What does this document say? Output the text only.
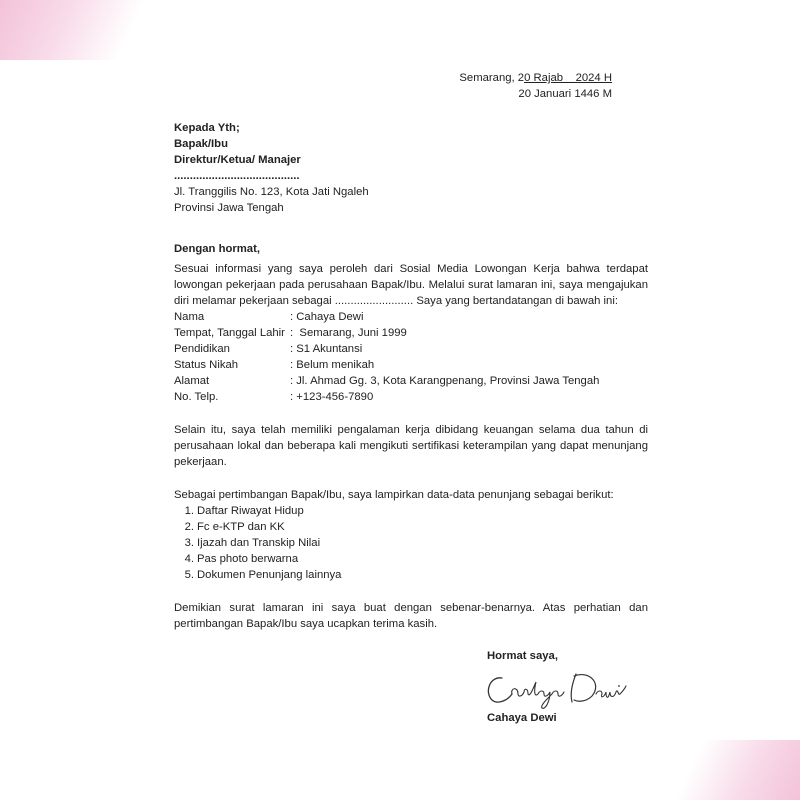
Semarang, 20 Rajab    2024 H
20 Januari 1446 M
Kepada Yth;
Bapak/Ibu
Direktur/Ketua/ Manajer
........................................
Jl. Tranggilis No. 123, Kota Jati Ngaleh
Provinsi Jawa Tengah
Dengan hormat,
Sesuai informasi yang saya peroleh dari Sosial Media Lowongan Kerja bahwa terdapat lowongan pekerjaan pada perusahaan Bapak/Ibu. Melalui surat lamaran ini, saya mengajukan diri melamar pekerjaan sebagai ......................... Saya yang bertandatangan di bawah ini:
Nama	: Cahaya Dewi
Tempat, Tanggal Lahir :  Semarang, Juni 1999
Pendidikan	: S1 Akuntansi
Status Nikah	: Belum menikah
Alamat	: Jl. Ahmad Gg. 3, Kota Karangpenang, Provinsi Jawa Tengah
No. Telp.	: +123-456-7890
Selain itu, saya telah memiliki pengalaman kerja dibidang keuangan selama dua tahun di perusahaan lokal dan beberapa kali mengikuti sertifikasi keterampilan yang dapat menunjang pekerjaan.
Sebagai pertimbangan Bapak/Ibu, saya lampirkan data-data penunjang sebagai berikut:
1. Daftar Riwayat Hidup
2. Fc e-KTP dan KK
3. Ijazah dan Transkip Nilai
4. Pas photo berwarna
5. Dokumen Penunjang lainnya
Demikian surat lamaran ini saya buat dengan sebenar-benarnya. Atas perhatian dan pertimbangan Bapak/Ibu saya ucapkan terima kasih.
Hormat saya,
Cahaya Dewi
